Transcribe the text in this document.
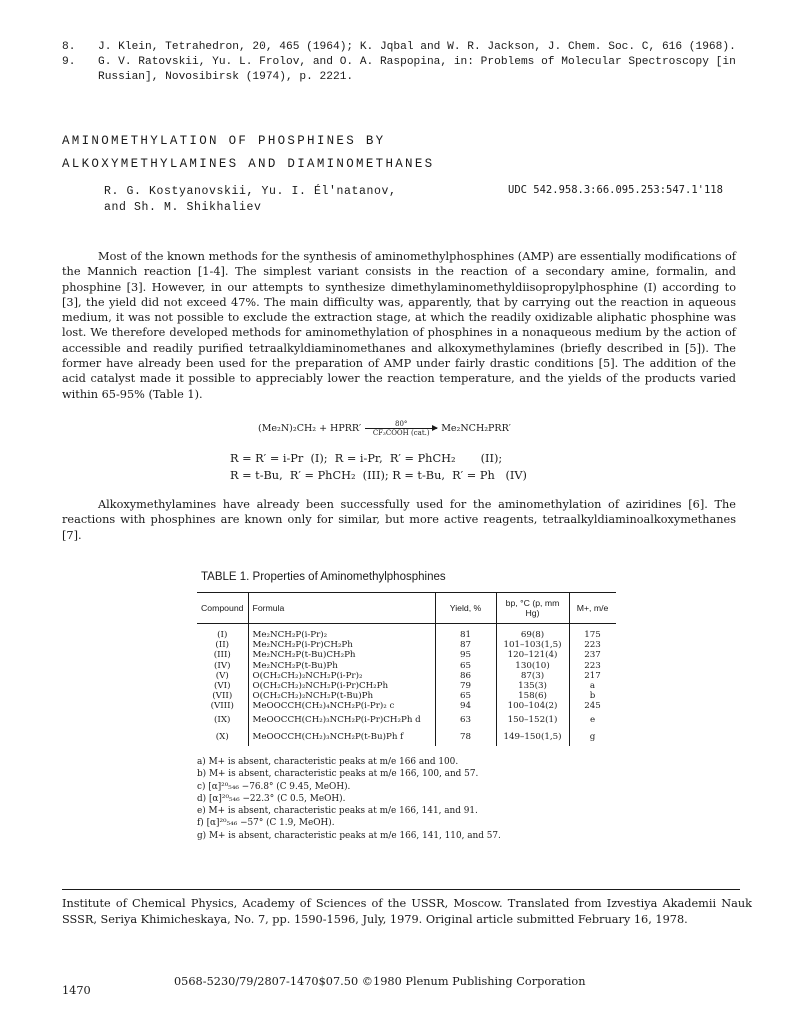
8.	J. Klein, Tetrahedron, 20, 465 (1964); K. Jqbal and W. R. Jackson, J. Chem. Soc. C, 616 (1968).
9.	G. V. Ratovskii, Yu. L. Frolov, and O. A. Raspopina, in: Problems of Molecular Spectroscopy [in Russian], Novosibirsk (1974), p. 2221.
AMINOMETHYLATION OF PHOSPHINES BY
ALKOXYMETHYLAMINES AND DIAMINOMETHANES
R. G. Kostyanovskii, Yu. I. Él'natanov,
and Sh. M. Shikhaliev
UDC 542.958.3:66.095.253:547.1'118
Most of the known methods for the synthesis of aminomethylphosphines (AMP) are essentially modifications of the Mannich reaction [1-4]. The simplest variant consists in the reaction of a secondary amine, formalin, and phosphine [3]. However, in our attempts to synthesize dimethylaminomethyldiisopropylphosphine (I) according to [3], the yield did not exceed 47%. The main difficulty was, apparently, that by carrying out the reaction in aqueous medium, it was not possible to exclude the extraction stage, at which the readily oxidizable aliphatic phosphine was lost. We therefore developed methods for aminomethylation of phosphines in a nonaqueous medium by the action of accessible and readily purified tetraalkyldiaminomethanes and alkoxymethylamines (briefly described in [5]). The former have already been used for the preparation of AMP under fairly drastic conditions [5]. The addition of the acid catalyst made it possible to appreciably lower the reaction temperature, and the yields of the products varied within 65-95% (Table 1).
(Me₂N)₂CH₂ + HPRR′	80°
CF₃COOH (cat.) Me₂NCH₂PRR′
R = R′ = i-Pr  (I);  R = i-Pr,  R′ = PhCH₂       (II);
R = t-Bu,  R′ = PhCH₂  (III); R = t-Bu,  R′ = Ph   (IV)
Alkoxymethylamines have already been successfully used for the aminomethylation of aziridines [6]. The reactions with phosphines are known only for similar, but more active reagents, tetraalkyldiaminoalkoxymethanes [7].
TABLE 1. Properties of Aminomethylphosphines
Compound	Formula	Yield, %	bp, °C (p, mm Hg)	M+, m/e
(I)	Me₂NCH₂P(i-Pr)₂	81	69(8)	175
(II)	Me₂NCH₂P(i-Pr)CH₂Ph	87	101–103(1,5)	223
(III)	Me₂NCH₂P(t-Bu)CH₂Ph	95	120–121(4)	237
(IV)	Me₂NCH₂P(t-Bu)Ph	65	130(10)	223
(V)	O(CH₂CH₂)₂NCH₂P(i-Pr)₂	86	87(3)	217
(VI)	O(CH₂CH₂)₂NCH₂P(i-Pr)CH₂Ph	79	135(3)	a
(VII)	O(CH₂CH₂)₂NCH₂P(t-Bu)Ph	65	158(6)	b
(VIII)	MeOOCCH(CH₂)₄NCH₂P(i-Pr)₂ c	94	100–104(2)	245
(IX)	MeOOCCH(CH₂)₃NCH₂P(i-Pr)CH₂Ph d	63	150–152(1)	e
(X)	MeOOCCH(CH₂)₃NCH₂P(t-Bu)Ph f	78	149–150(1,5)	g
a) M+ is absent, characteristic peaks at m/e 166 and 100.
b) M+ is absent, characteristic peaks at m/e 166, 100, and 57.
c) [α]²⁰₅₄₆ −76.8° (C 9.45, MeOH).
d) [α]²⁰₅₄₆ −22.3° (C 0.5, MeOH).
e) M+ is absent, characteristic peaks at m/e 166, 141, and 91.
f) [α]²⁰₅₄₆ −57° (C 1.9, MeOH).
g) M+ is absent, characteristic peaks at m/e 166, 141, 110, and 57.
Institute of Chemical Physics, Academy of Sciences of the USSR, Moscow. Translated from Izvestiya Akademii Nauk SSSR, Seriya Khimicheskaya, No. 7, pp. 1590-1596, July, 1979. Original article submitted February 16, 1978.
1470
0568-5230/79/2807-1470$07.50 ©1980 Plenum Publishing Corporation
